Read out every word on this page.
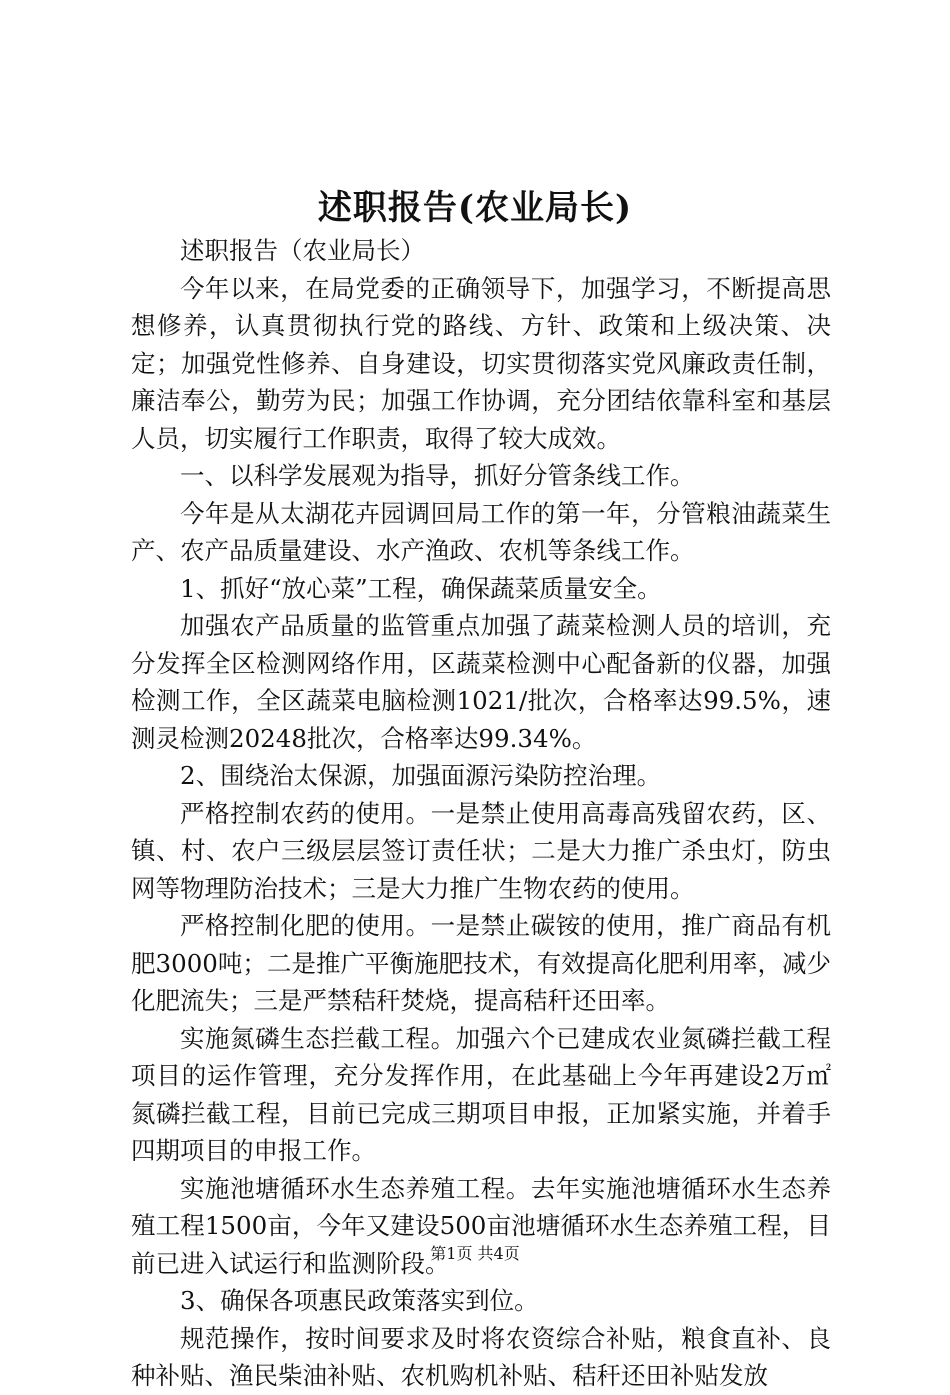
述职报告(农业局长)

述职报告（农业局长）

今年以来，在局党委的正确领导下，加强学习，不断提高思想修养，认真贯彻执行党的路线、方针、政策和上级决策、决定；加强党性修养、自身建设，切实贯彻落实党风廉政责任制，廉洁奉公，勤劳为民；加强工作协调，充分团结依靠科室和基层人员，切实履行工作职责，取得了较大成效。

一、以科学发展观为指导，抓好分管条线工作。

今年是从太湖花卉园调回局工作的第一年，分管粮油蔬菜生产、农产品质量建设、水产渔政、农机等条线工作。

1、抓好“放心菜”工程，确保蔬菜质量安全。

加强农产品质量的监管重点加强了蔬菜检测人员的培训，充分发挥全区检测网络作用，区蔬菜检测中心配备新的仪器，加强检测工作，全区蔬菜电脑检测1021/批次，合格率达99.5%，速测灵检测20248批次，合格率达99.34%。

2、围绕治太保源，加强面源污染防控治理。

严格控制农药的使用。一是禁止使用高毒高残留农药，区、镇、村、农户三级层层签订责任状；二是大力推广杀虫灯，防虫网等物理防治技术；三是大力推广生物农药的使用。

严格控制化肥的使用。一是禁止碳铵的使用，推广商品有机肥3000吨；二是推广平衡施肥技术，有效提高化肥利用率，减少化肥流失；三是严禁秸秆焚烧，提高秸秆还田率。

实施氮磷生态拦截工程。加强六个已建成农业氮磷拦截工程项目的运作管理，充分发挥作用，在此基础上今年再建设2万㎡氮磷拦截工程，目前已完成三期项目申报，正加紧实施，并着手四期项目的申报工作。

实施池塘循环水生态养殖工程。去年实施池塘循环水生态养殖工程1500亩，今年又建设500亩池塘循环水生态养殖工程，目前已进入试运行和监测阶段。

3、确保各项惠民政策落实到位。

规范操作，按时间要求及时将农资综合补贴，粮食直补、良种补贴、渔民柴油补贴、农机购机补贴、秸秆还田补贴发放

第1页 共4页
